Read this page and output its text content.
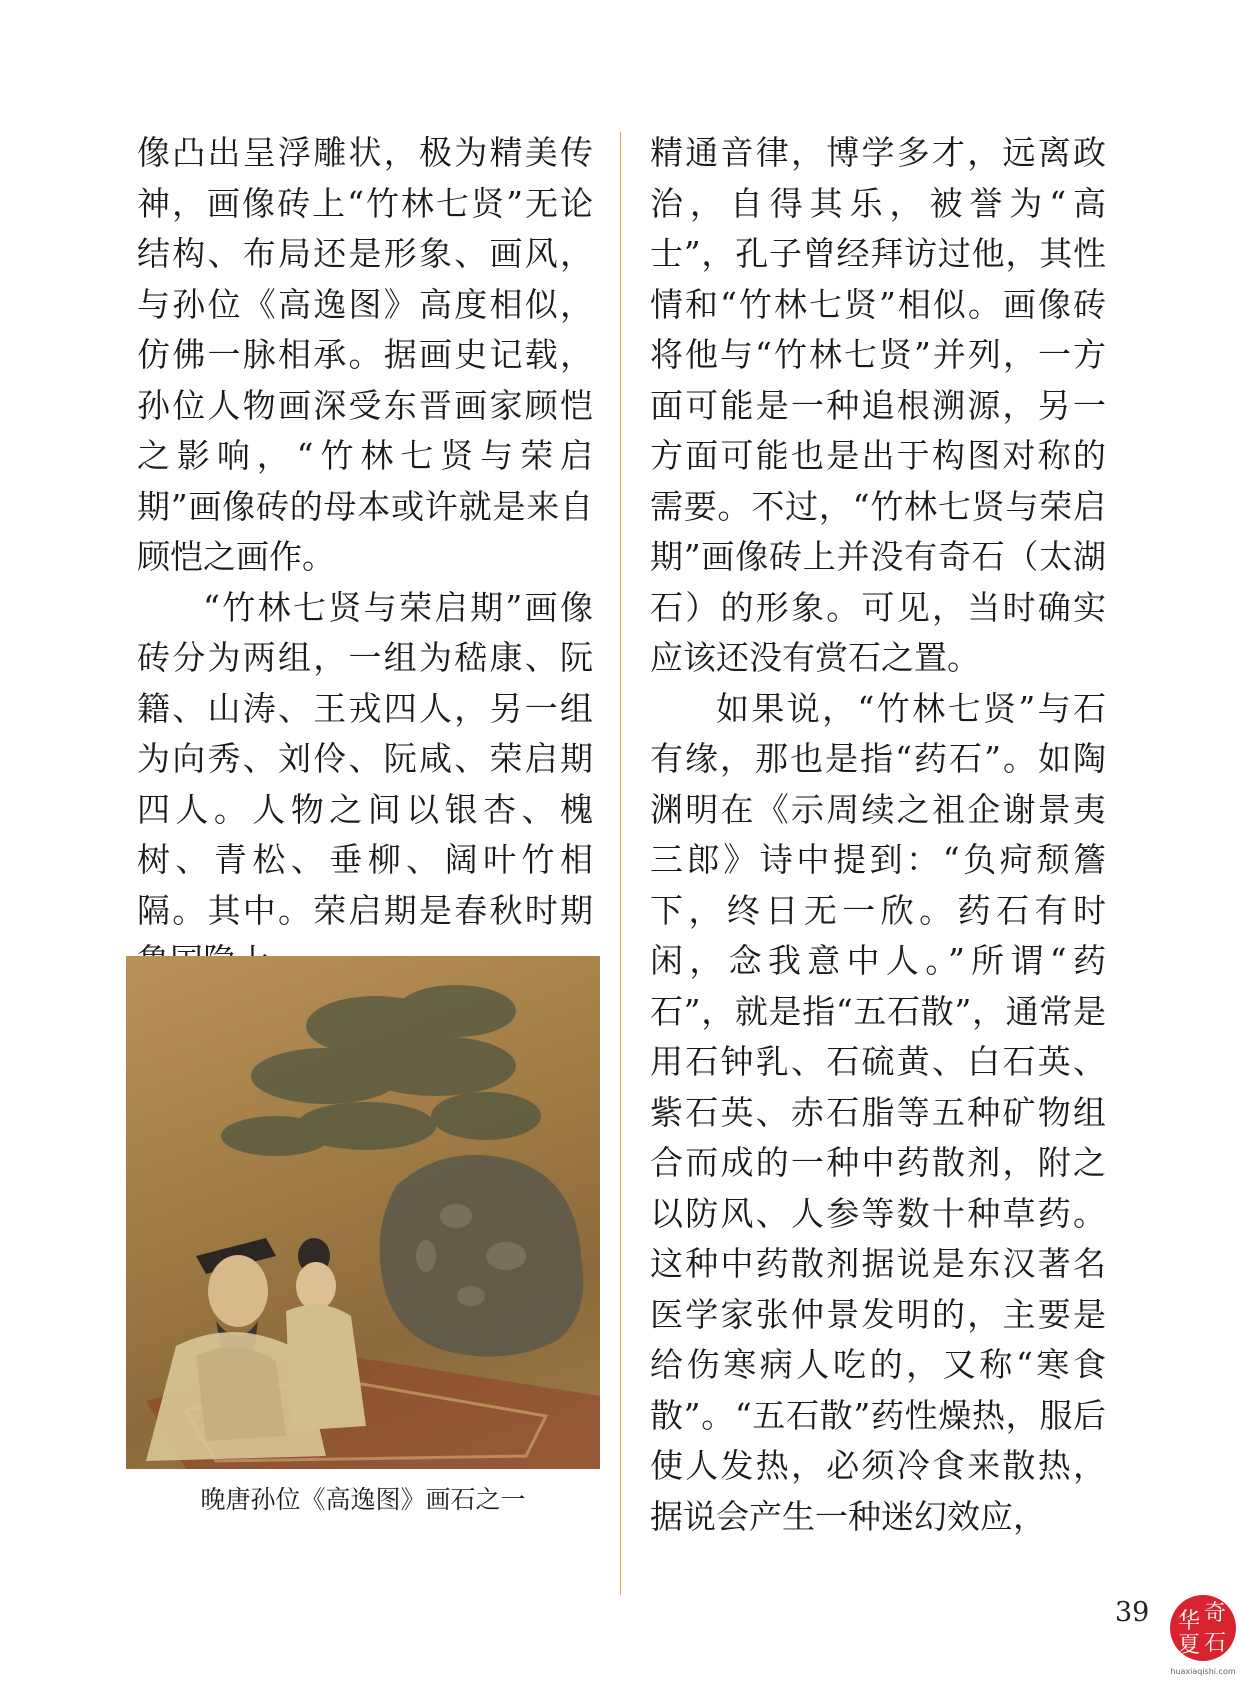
像凸出呈浮雕状，极为精美传神，画像砖上“竹林七贤”无论结构、布局还是形象、画风，与孙位《高逸图》高度相似，仿佛一脉相承。据画史记载，孙位人物画深受东晋画家顾恺之影响，“竹林七贤与荣启期”画像砖的母本或许就是来自顾恺之画作。

“竹林七贤与荣启期”画像砖分为两组，一组为嵇康、阮籍、山涛、王戎四人，另一组为向秀、刘伶、阮咸、荣启期四人。人物之间以银杏、槐树、青松、垂柳、阔叶竹相隔。其中。荣启期是春秋时期

精通音律，博学多才，远离政治，自得其乐，被誉为“高士”，孔子曾经拜访过他，其性情和“竹林七贤”相似。画像砖将他与“竹林七贤”并列，一方面可能是一种追根溯源，另一方面可能也是出于构图对称的需要。不过，“竹林七贤与荣启期”画像砖上并没有奇石（太湖石）的形象。可见，当时确实应该还没有赏石之置。

如果说，“竹林七贤”与石有缘，那也是指“药石”。如陶渊明在《示周续之祖企谢景夷三郎》诗中提到：“负疴颓簷下，终日无一欣。药石有时闲，念我意中人。”所谓“药石”，就是指“五石散”，通常是用石钟乳、石硫黄、白石英、紫石英、赤石脂等五种矿物组合而成的一种中药散剂，附之以防风、人参等数十种草药。这种中药散剂据说是东汉著名医学家张仲景发明的，主要是给伤寒病人吃的，又称“寒食散”。“五石散”药性燥热，服后使人发热，必须冷食来散热，据说会产生一种迷幻效应，

晚唐孙位《高逸图》画石之一
39 华 奇
夏 石
huaxiaqishi.com
